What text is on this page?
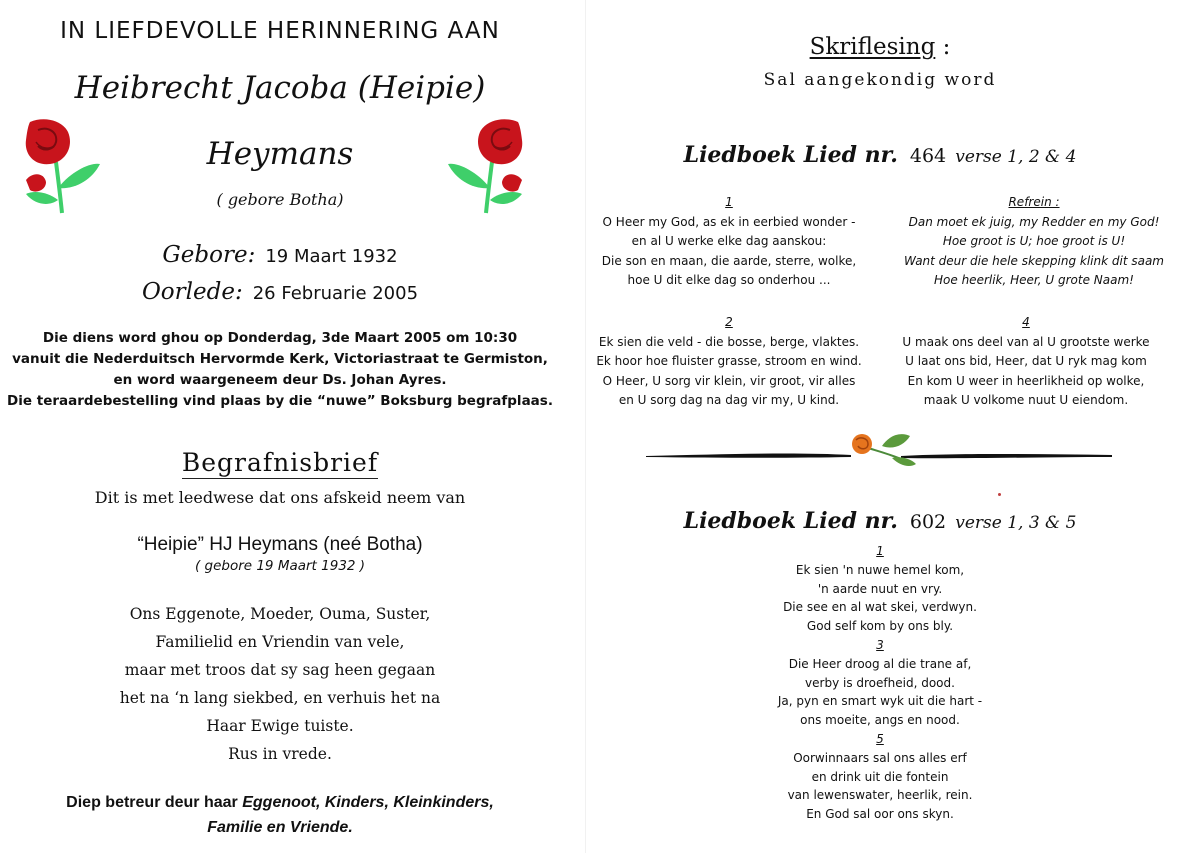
IN LIEFDEVOLLE HERINNERING AAN
Heibrecht Jacoba (Heipie)
Heymans
( gebore Botha)
Gebore: 19 Maart 1932
Oorlede: 26 Februarie 2005
Die diens word ghou op Donderdag, 3de Maart 2005 om 10:30
vanuit die Nederduitsch Hervormde Kerk, Victoriastraat te Germiston,
en word waargeneem deur Ds. Johan Ayres.
Die teraardebestelling vind plaas by die “nuwe” Boksburg begrafplaas.
Begrafnisbrief
Dit is met leedwese dat ons afskeid neem van
“Heipie” HJ Heymans (neé Botha)
( gebore 19 Maart 1932 )
Ons Eggenote, Moeder, Ouma, Suster,
Familielid en Vriendin van vele,
maar met troos dat sy sag heen gegaan
het na ‘n lang siekbed, en verhuis het na
Haar Ewige tuiste.
Rus in vrede.
Diep betreur deur haar Eggenoot, Kinders, Kleinkinders,
Familie en Vriende.
Skriflesing :
Sal aangekondig word
Liedboek Lied nr. 464 verse 1, 2 & 4
1
O Heer my God, as ek in eerbied wonder -
en al U werke elke dag aanskou:
Die son en maan, die aarde, sterre, wolke,
hoe U dit elke dag so onderhou ...
Refrein :
Dan moet ek juig, my Redder en my God!
Hoe groot is U; hoe groot is U!
Want deur die hele skepping klink dit saam
Hoe heerlik, Heer, U grote Naam!
2
Ek sien die veld - die bosse, berge, vlaktes.
Ek hoor hoe fluister grasse, stroom en wind.
O Heer, U sorg vir klein, vir groot, vir alles
en U sorg dag na dag vir my, U kind.
4
U maak ons deel van al U grootste werke
U laat ons bid, Heer, dat U ryk mag kom
En kom U weer in heerlikheid op wolke,
maak U volkome nuut U eiendom.
Liedboek Lied nr. 602 verse 1, 3 & 5
1
Ek sien 'n nuwe hemel kom,
'n aarde nuut en vry.
Die see en al wat skei, verdwyn.
God self kom by ons bly.
3
Die Heer droog al die trane af,
verby is droefheid, dood.
Ja, pyn en smart wyk uit die hart -
ons moeite, angs en nood.
5
Oorwinnaars sal ons alles erf
en drink uit die fontein
van lewenswater, heerlik, rein.
En God sal oor ons skyn.
